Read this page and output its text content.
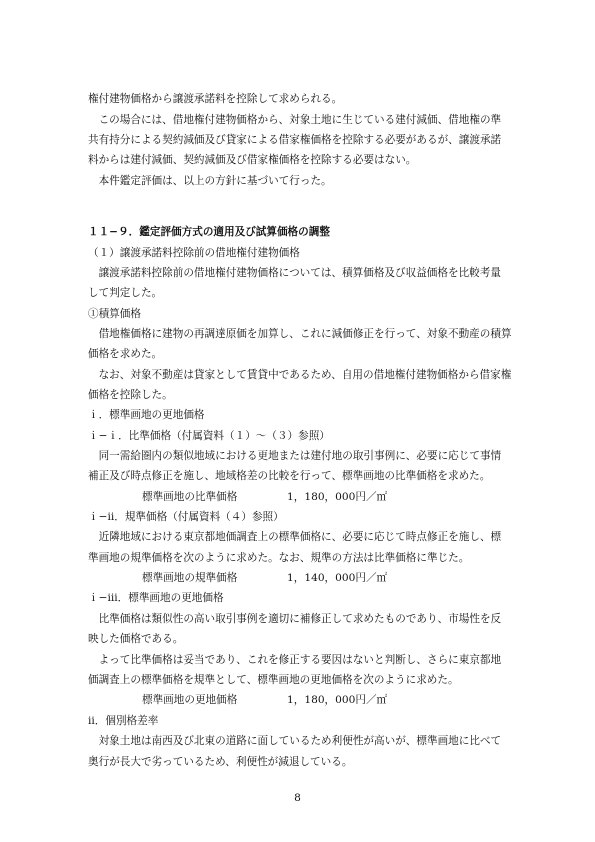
権付建物価格から譲渡承諾料を控除して求められる。
　この場合には、借地権付建物価格から、対象土地に生じている建付減価、借地権の準
共有持分による契約減価及び貸家による借家権価格を控除する必要があるが、譲渡承諾
料からは建付減価、契約減価及び借家権価格を控除する必要はない。
　本件鑑定評価は、以上の方針に基づいて行った。
１１−９．鑑定評価方式の適用及び試算価格の調整
（１）譲渡承諾料控除前の借地権付建物価格
　譲渡承諾料控除前の借地権付建物価格については、積算価格及び収益価格を比較考量
して判定した。
①積算価格
　借地権価格に建物の再調達原価を加算し、これに減価修正を行って、対象不動産の積算
価格を求めた。
　なお、対象不動産は貸家として賃貸中であるため、自用の借地権付建物価格から借家権
価格を控除した。
ｉ．標準画地の更地価格
ｉ−ｉ．比準価格（付属資料（１）〜（３）参照）
　同一需給圏内の類似地域における更地または建付地の取引事例に、必要に応じて事情
補正及び時点修正を施し、地域格差の比較を行って、標準画地の比準価格を求めた。
標準画地の比準価格	1，180，000円／㎡
ｉ−ii．規準価格（付属資料（４）参照）
　近隣地域における東京都地価調査上の標準価格に、必要に応じて時点修正を施し、標
準画地の規準価格を次のように求めた。なお、規準の方法は比準価格に準じた。
標準画地の規準価格	1，140，000円／㎡
ｉ−iii．標準画地の更地価格
　比準価格は類似性の高い取引事例を適切に補修正して求めたものであり、市場性を反
映した価格である。
　よって比準価格は妥当であり、これを修正する要因はないと判断し、さらに東京都地
価調査上の標準価格を規準として、標準画地の更地価格を次のように求めた。
標準画地の更地価格	1，180，000円／㎡
ii．個別格差率
　対象土地は南西及び北東の道路に面しているため利便性が高いが、標準画地に比べて
奥行が長大で劣っているため、利便性が減退している。
8
